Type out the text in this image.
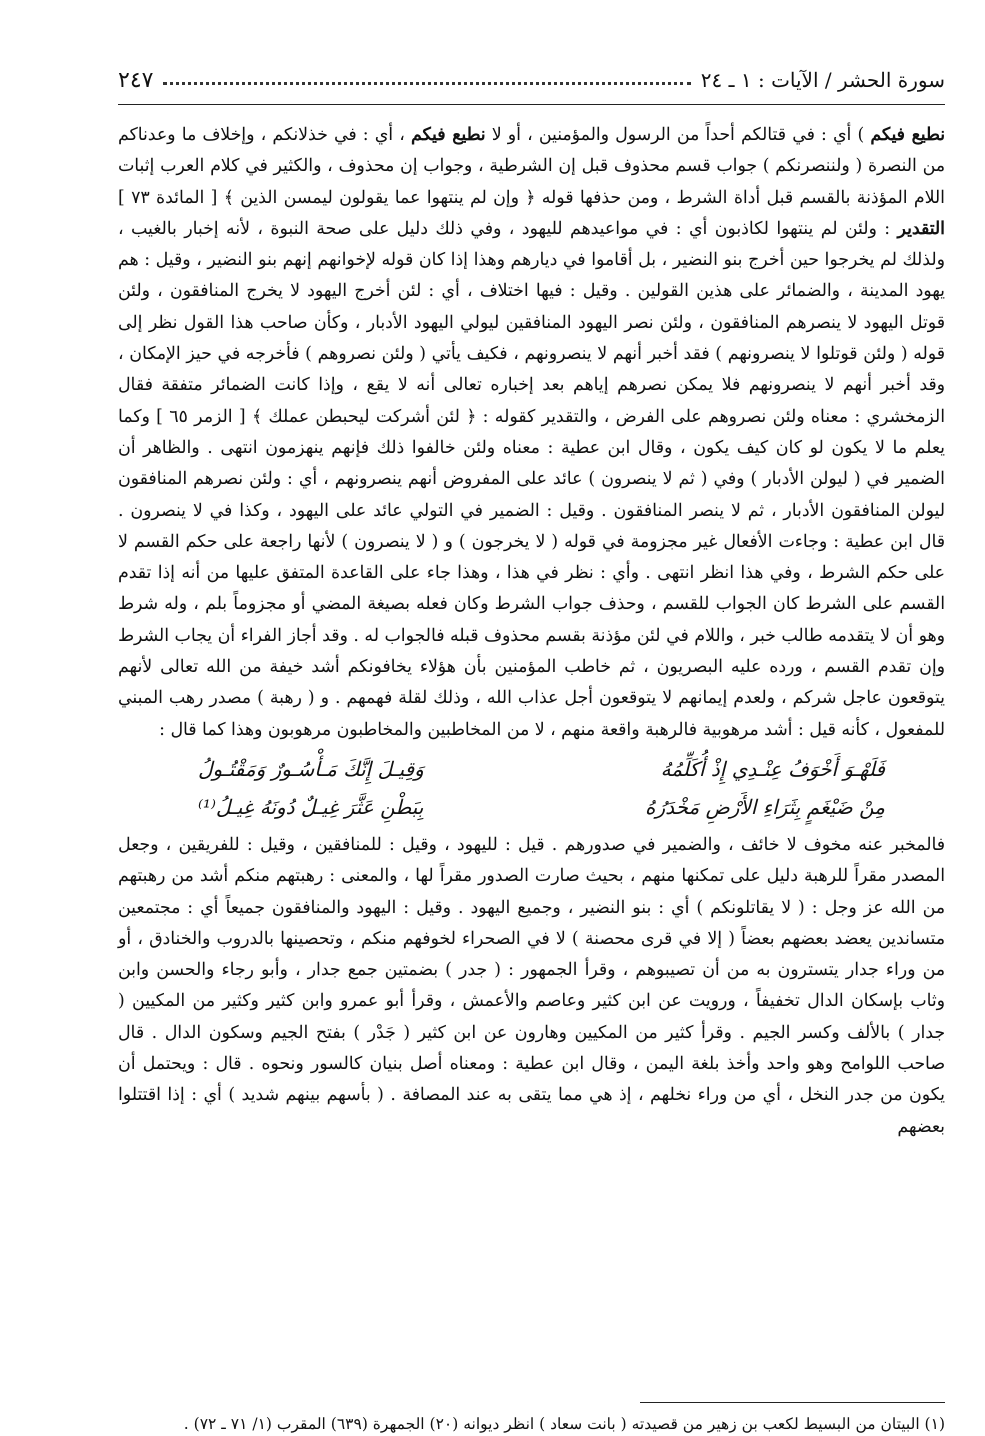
سورة الحشر / الآيات : ١ ـ ٢٤
٢٤٧

نطيع فيكم ) أي : في قتالكم أحداً من الرسول والمؤمنين ، أو لا نطيع فيكم ، أي : في خذلانكم ، وإخلاف ما وعدناكم من النصرة ( ولننصرنكم ) جواب قسم محذوف قبل إن الشرطية ، وجواب إن محذوف ، والكثير في كلام العرب إثبات اللام المؤذنة بالقسم قبل أداة الشرط ، ومن حذفها قوله ﴿ وإن لم ينتهوا عما يقولون ليمسن الذين ﴾ [ المائدة ٧٣ ] التقدير : ولئن لم ينتهوا لكاذبون أي : في مواعيدهم لليهود ، وفي ذلك دليل على صحة النبوة ، لأنه إخبار بالغيب ، ولذلك لم يخرجوا حين أخرج بنو النضير ، بل أقاموا في ديارهم وهذا إذا كان قوله لإخوانهم إنهم بنو النضير ، وقيل : هم يهود المدينة ، والضمائر على هذين القولين . وقيل : فيها اختلاف ، أي : لئن أخرج اليهود لا يخرج المنافقون ، ولئن قوتل اليهود لا ينصرهم المنافقون ، ولئن نصر اليهود المنافقين ليولي اليهود الأدبار ، وكأن صاحب هذا القول نظر إلى قوله ( ولئن قوتلوا لا ينصرونهم ) فقد أخبر أنهم لا ينصرونهم ، فكيف يأتي ( ولئن نصروهم ) فأخرجه في حيز الإمكان ، وقد أخبر أنهم لا ينصرونهم فلا يمكن نصرهم إياهم بعد إخباره تعالى أنه لا يقع ، وإذا كانت الضمائر متفقة فقال الزمخشري : معناه ولئن نصروهم على الفرض ، والتقدير كقوله : ﴿ لئن أشركت ليحبطن عملك ﴾ [ الزمر ٦٥ ] وكما يعلم ما لا يكون لو كان كيف يكون ، وقال ابن عطية : معناه ولئن خالفوا ذلك فإنهم ينهزمون انتهى . والظاهر أن الضمير في ( ليولن الأدبار ) وفي ( ثم لا ينصرون ) عائد على المفروض أنهم ينصرونهم ، أي : ولئن نصرهم المنافقون ليولن المنافقون الأدبار ، ثم لا ينصر المنافقون . وقيل : الضمير في التولي عائد على اليهود ، وكذا في لا ينصرون . قال ابن عطية : وجاءت الأفعال غير مجزومة في قوله ( لا يخرجون ) و ( لا ينصرون ) لأنها راجعة على حكم القسم لا على حكم الشرط ، وفي هذا انظر انتهى . وأي : نظر في هذا ، وهذا جاء على القاعدة المتفق عليها من أنه إذا تقدم القسم على الشرط كان الجواب للقسم ، وحذف جواب الشرط وكان فعله بصيغة المضي أو مجزوماً بلم ، وله شرط وهو أن لا يتقدمه طالب خبر ، واللام في لئن مؤذنة بقسم محذوف قبله فالجواب له . وقد أجاز الفراء أن يجاب الشرط وإن تقدم القسم ، ورده عليه البصريون ، ثم خاطب المؤمنين بأن هؤلاء يخافونكم أشد خيفة من الله تعالى لأنهم يتوقعون عاجل شركم ، ولعدم إيمانهم لا يتوقعون أجل عذاب الله ، وذلك لقلة فهمهم . و ( رهبة ) مصدر رهب المبني للمفعول ، كأنه قيل : أشد مرهوبية فالرهبة واقعة منهم ، لا من المخاطبين والمخاطبون مرهوبون وهذا كما قال :

فَلَهْـوَ أَخْوَفُ عِنْـدِي إِذْ أُكَلِّمُهُ
وَقِيـلَ إِنَّكَ مَـأْسُـورٌ وَمَقْتُـولُ
مِنْ ضَيْغَمٍ بِثَرَاءِ الأَرْضِ مَخْدَرُهُ
بِبَطْنِ عَثَّرَ غِيـلٌ دُونَهُ غِيـلُ⁽¹⁾

فالمخبر عنه مخوف لا خائف ، والضمير في صدورهم . قيل : لليهود ، وقيل : للمنافقين ، وقيل : للفريقين ، وجعل المصدر مقراً للرهبة دليل على تمكنها منهم ، بحيث صارت الصدور مقراً لها ، والمعنى : رهبتهم منكم أشد من رهبتهم من الله عز وجل : ( لا يقاتلونكم ) أي : بنو النضير ، وجميع اليهود . وقيل : اليهود والمنافقون جميعاً أي : مجتمعين متساندين يعضد بعضهم بعضاً ( إلا في قرى محصنة ) لا في الصحراء لخوفهم منكم ، وتحصينها بالدروب والخنادق ، أو من وراء جدار يتسترون به من أن تصيبوهم ، وقرأ الجمهور : ( جدر ) بضمتين جمع جدار ، وأبو رجاء والحسن وابن وثاب بإسكان الدال تخفيفاً ، ورويت عن ابن كثير وعاصم والأعمش ، وقرأ أبو عمرو وابن كثير وكثير من المكيين ( جدار ) بالألف وكسر الجيم . وقرأ كثير من المكيين وهارون عن ابن كثير ( جَدْر ) بفتح الجيم وسكون الدال . قال صاحب اللوامح وهو واحد وأخذ بلغة اليمن ، وقال ابن عطية : ومعناه أصل بنيان كالسور ونحوه . قال : ويحتمل أن يكون من جدر النخل ، أي من وراء نخلهم ، إذ هي مما يتقى به عند المصافة . ( بأسهم بينهم شديد ) أي : إذا اقتتلوا بعضهم

(١) البيتان من البسيط لكعب بن زهير من قصيدته ( بانت سعاد ) انظر ديوانه (٢٠) الجمهرة (٦٣٩) المقرب (١/ ٧١ ـ ٧٢) .
